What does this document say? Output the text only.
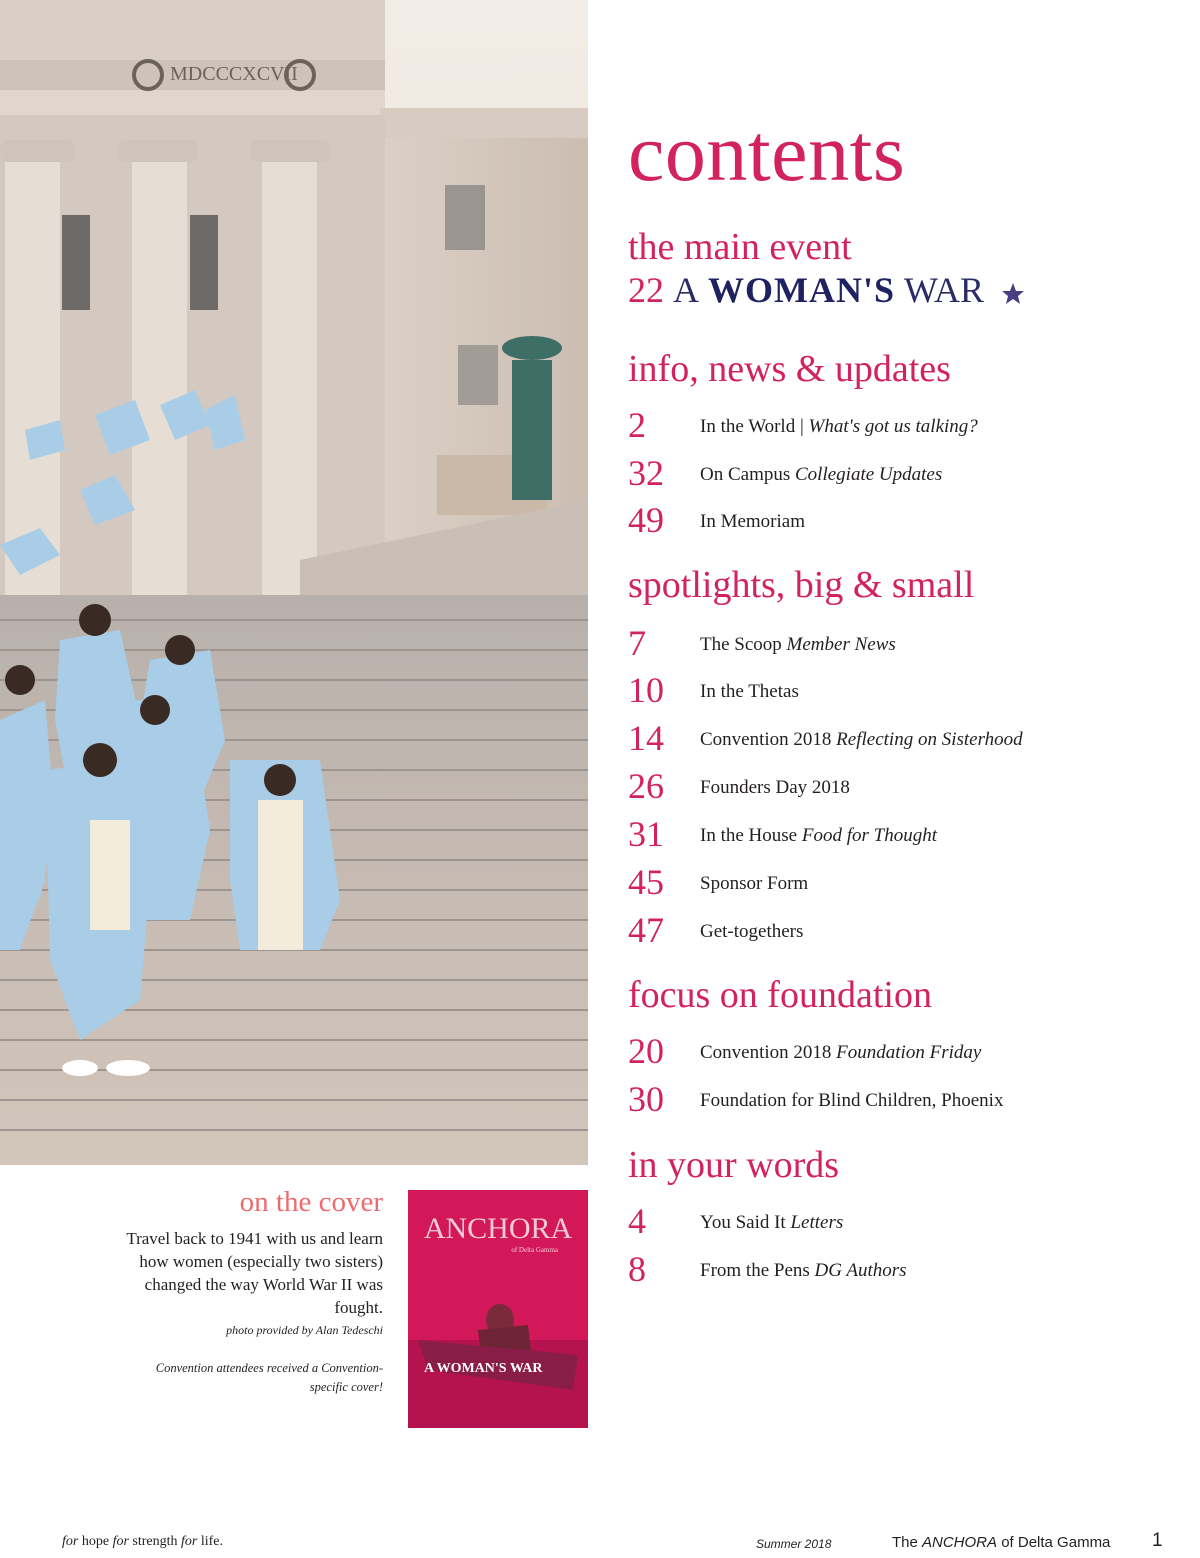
MDCCCXCVII
contents
the main event
22 A WOMAN'S WAR
info, news & updates
2	In the World | What's got us talking?
32 On Campus Collegiate Updates
49 In Memoriam
spotlights, big & small
7	The Scoop Member News
10 In the Thetas
14 Convention 2018 Reflecting on Sisterhood
26 Founders Day 2018
31 In the House Food for Thought
45 Sponsor Form
47 Get-togethers
focus on foundation
20 Convention 2018 Foundation Friday
30 Foundation for Blind Children, Phoenix
in your words
4	You Said It Letters
8	From the Pens DG Authors
on the cover

Travel back to 1941 with us and learn how women (especially two sisters) changed the way World War II was fought.

photo provided by Alan Tedeschi
Convention attendees received a Convention-specific cover!
ANCHORA
of Delta Gamma
A WOMAN'S WAR
for hope for strength for life.	Summer 2018	The ANCHORA of Delta Gamma 1
